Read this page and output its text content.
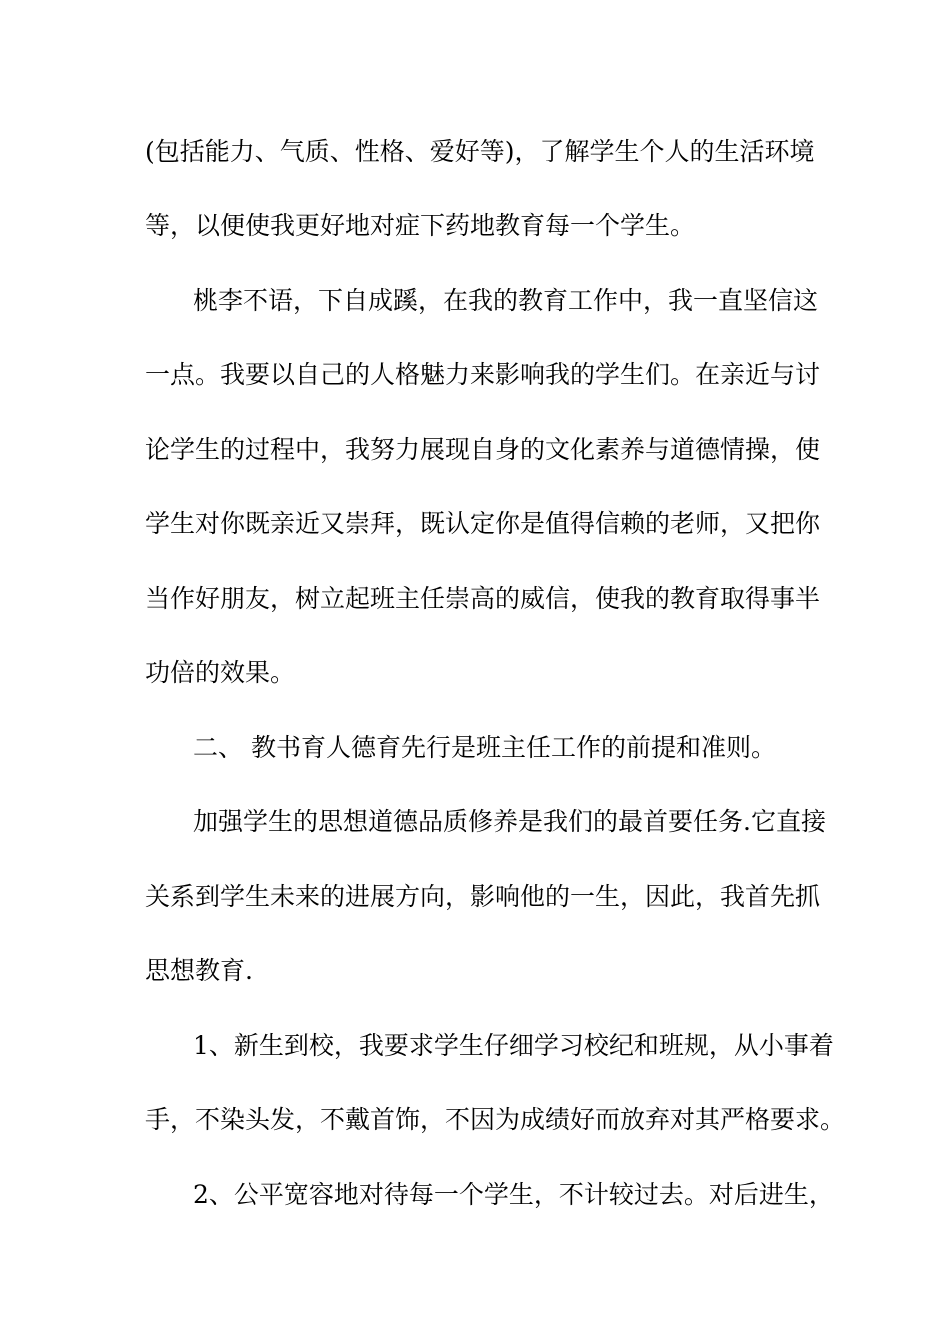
(包括能力、气质、性格、爱好等)，了解学生个人的生活环境
等，以便使我更好地对症下药地教育每一个学生。
桃李不语，下自成蹊，在我的教育工作中，我一直坚信这
一点。我要以自己的人格魅力来影响我的学生们。在亲近与讨
论学生的过程中，我努力展现自身的文化素养与道德情操，使
学生对你既亲近又崇拜，既认定你是值得信赖的老师，又把你
当作好朋友，树立起班主任崇高的威信，使我的教育取得事半
功倍的效果。
二、 教书育人德育先行是班主任工作的前提和准则。
加强学生的思想道德品质修养是我们的最首要任务.它直接
关系到学生未来的进展方向，影响他的一生，因此，我首先抓
思想教育.
1、新生到校，我要求学生仔细学习校纪和班规，从小事着
手，不染头发，不戴首饰，不因为成绩好而放弃对其严格要求。
2、公平宽容地对待每一个学生，不计较过去。对后进生，
